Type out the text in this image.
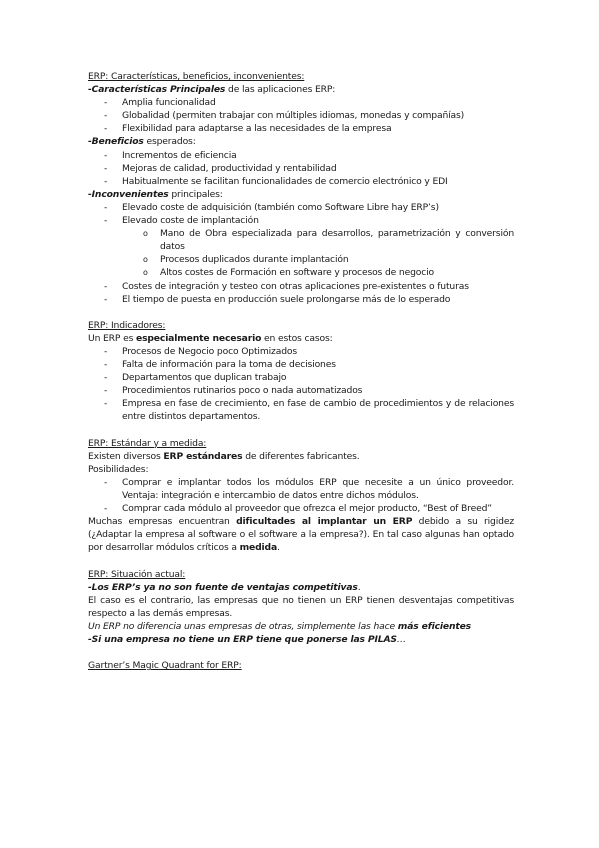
ERP: Características, beneficios, inconvenientes:
-Características Principales de las aplicaciones ERP:
- Amplia funcionalidad
- Globalidad (permiten trabajar con múltiples idiomas, monedas y compañías)
- Flexibilidad para adaptarse a las necesidades de la empresa
-Beneficios esperados:
- Incrementos de eficiencia
- Mejoras de calidad, productividad y rentabilidad
- Habitualmente se facilitan funcionalidades de comercio electrónico y EDI
-Inconvenientes principales:
- Elevado coste de adquisición (también como Software Libre hay ERP’s)
- Elevado coste de implantación
o Mano de Obra especializada para desarrollos, parametrización y conversión datos
o Procesos duplicados durante implantación
o Altos costes de Formación en software y procesos de negocio
- Costes de integración y testeo con otras aplicaciones pre-existentes o futuras
- El tiempo de puesta en producción suele prolongarse más de lo esperado
ERP: Indicadores:
Un ERP es especialmente necesario en estos casos:
- Procesos de Negocio poco Optimizados
- Falta de información para la toma de decisiones
- Departamentos que duplican trabajo
- Procedimientos rutinarios poco o nada automatizados
- Empresa en fase de crecimiento, en fase de cambio de procedimientos y de relaciones entre distintos departamentos.
ERP: Estándar y a medida:
Existen diversos ERP estándares de diferentes fabricantes.
Posibilidades:
- Comprar e implantar todos los módulos ERP que necesite a un único proveedor. Ventaja: integración e intercambio de datos entre dichos módulos.
- Comprar cada módulo al proveedor que ofrezca el mejor producto, “Best of Breed”
Muchas empresas encuentran dificultades al implantar un ERP debido a su rigidez (¿Adaptar la empresa al software o el software a la empresa?). En tal caso algunas han optado por desarrollar módulos críticos a medida.
ERP: Situación actual:
-Los ERP’s ya no son fuente de ventajas competitivas.
El caso es el contrario, las empresas que no tienen un ERP tienen desventajas competitivas respecto a las demás empresas.
Un ERP no diferencia unas empresas de otras, simplemente las hace más eficientes
-Si una empresa no tiene un ERP tiene que ponerse las PILAS…
Gartner’s Magic Quadrant for ERP:
